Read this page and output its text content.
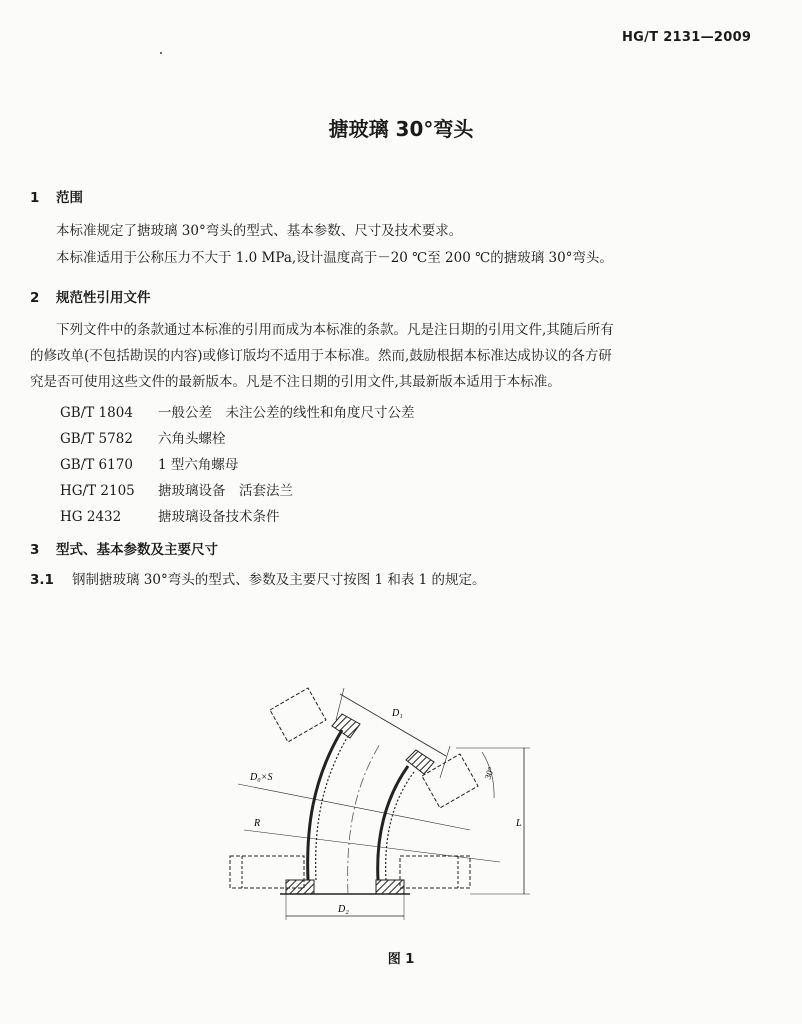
HG/T 2131—2009
搪玻璃 30°弯头
1 范围
本标准规定了搪玻璃 30°弯头的型式、基本参数、尺寸及技术要求。
本标准适用于公称压力不大于 1.0 MPa,设计温度高于－20 ℃至 200 ℃的搪玻璃 30°弯头。
2 规范性引用文件
下列文件中的条款通过本标准的引用而成为本标准的条款。凡是注日期的引用文件,其随后所有
的修改单(不包括勘误的内容)或修订版均不适用于本标准。然而,鼓励根据本标准达成协议的各方研
究是否可使用这些文件的最新版本。凡是不注日期的引用文件,其最新版本适用于本标准。
GB/T 1804 一般公差　未注公差的线性和角度尺寸公差
GB/T 5782 六角头螺栓
GB/T 6170 1 型六角螺母
HG/T 2105 搪玻璃设备　活套法兰
HG 2432	搪玻璃设备技术条件
3 型式、基本参数及主要尺寸
3.1 钢制搪玻璃 30°弯头的型式、参数及主要尺寸按图 1 和表 1 的规定。
D₁
D₀×S
R	L
30°
D₂
图 1
